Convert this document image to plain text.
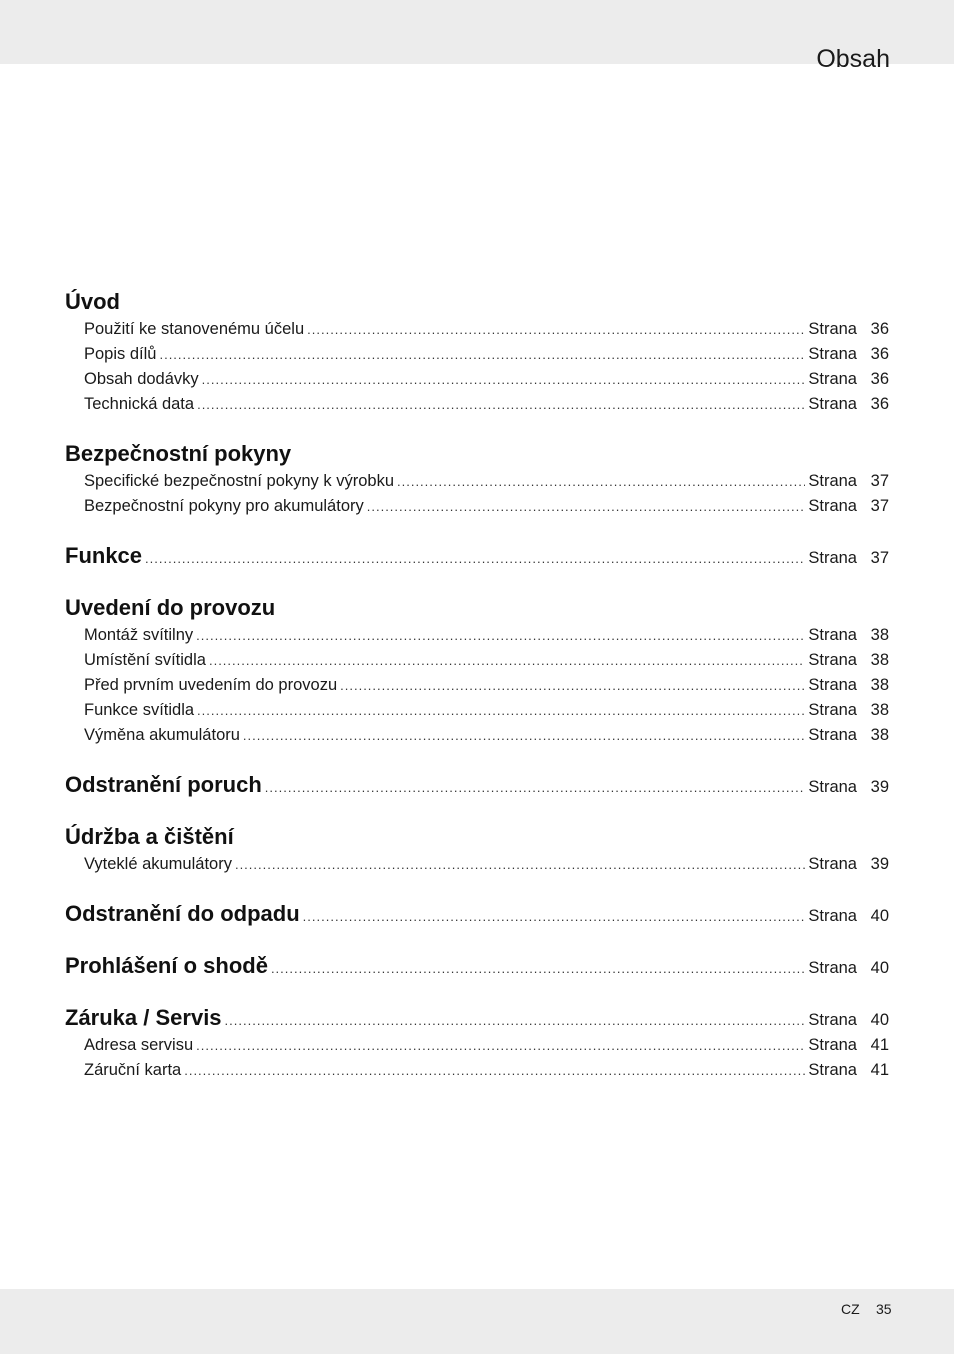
Obsah
Úvod
Použití ke stanovenému účelu .....	Strana 36
Popis dílů .....	Strana 36
Obsah dodávky .....	Strana 36
Technická data .....	Strana 36
Bezpečnostní pokyny
Specifické bezpečnostní pokyny k výrobku .....	Strana 37
Bezpečnostní pokyny pro akumulátory .....	Strana 37
Funkce .....	Strana 37
Uvedení do provozu
Montáž svítilny .....	Strana 38
Umístění svítidla .....	Strana 38
Před prvním uvedením do provozu .....	Strana 38
Funkce svítidla .....	Strana 38
Výměna akumulátoru .....	Strana 38
Odstranění poruch .....	Strana 39
Údržba a čištění
Vyteklé akumulátory .....	Strana 39
Odstranění do odpadu .....	Strana 40
Prohlášení o shodě .....	Strana 40
Záruka / Servis .....	Strana 40
Adresa servisu .....	Strana 41
Záruční karta .....	Strana 41
CZ 35
